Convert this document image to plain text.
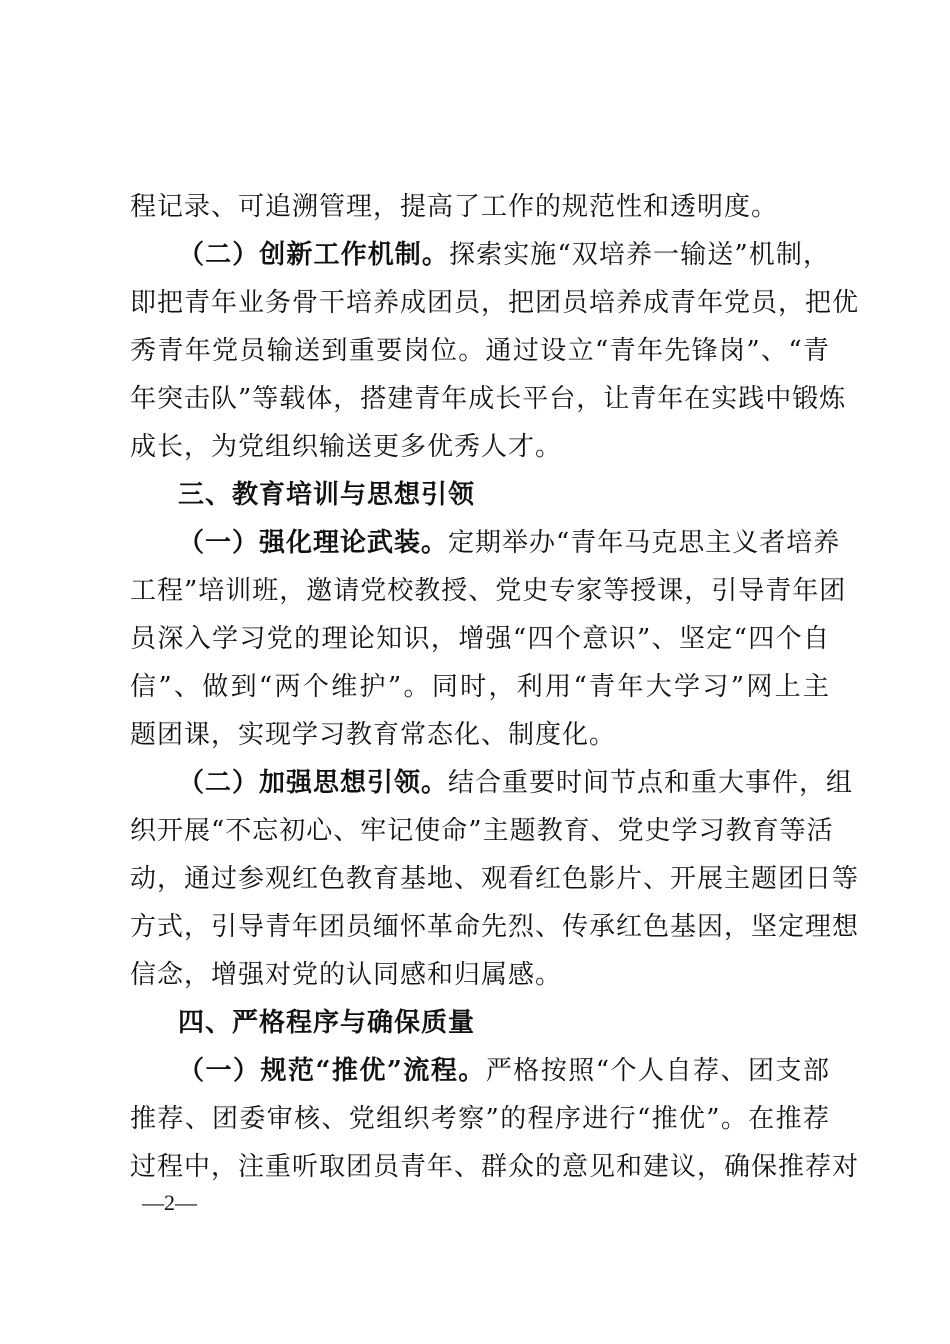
程记录、可追溯管理，提高了工作的规范性和透明度。
（二）创新工作机制。探索实施“双培养一输送”机制，
即把青年业务骨干培养成团员，把团员培养成青年党员，把优
秀青年党员输送到重要岗位。通过设立“青年先锋岗”、“青
年突击队”等载体，搭建青年成长平台，让青年在实践中锻炼
成长，为党组织输送更多优秀人才。
三、教育培训与思想引领
（一）强化理论武装。定期举办“青年马克思主义者培养
工程”培训班，邀请党校教授、党史专家等授课，引导青年团
员深入学习党的理论知识，增强“四个意识”、坚定“四个自
信”、做到“两个维护”。同时，利用“青年大学习”网上主
题团课，实现学习教育常态化、制度化。
（二）加强思想引领。结合重要时间节点和重大事件，组
织开展“不忘初心、牢记使命”主题教育、党史学习教育等活
动，通过参观红色教育基地、观看红色影片、开展主题团日等
方式，引导青年团员缅怀革命先烈、传承红色基因，坚定理想
信念，增强对党的认同感和归属感。
四、严格程序与确保质量
（一）规范“推优”流程。严格按照“个人自荐、团支部
推荐、团委审核、党组织考察”的程序进行“推优”。在推荐
过程中，注重听取团员青年、群众的意见和建议，确保推荐对
—2—
